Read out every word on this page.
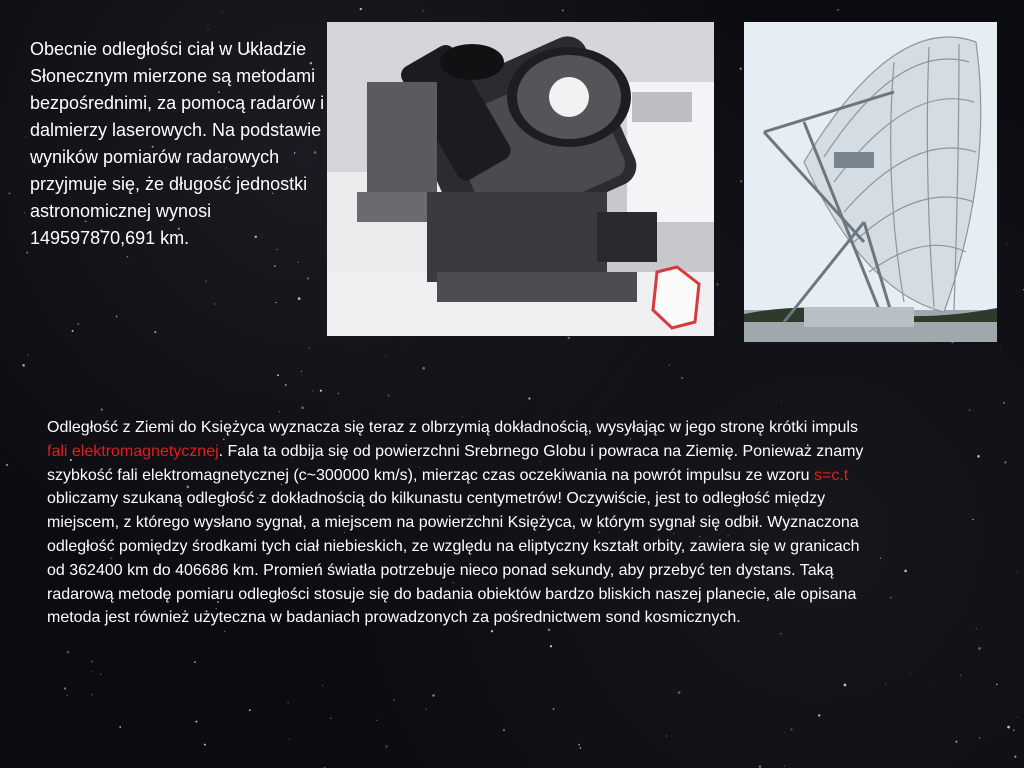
Obecnie odległości ciał w Układzie Słonecznym mierzone są metodami bezpośrednimi, za pomocą radarów i dalmierzy laserowych. Na podstawie wyników pomiarów radarowych przyjmuje się, że długość jednostki astronomicznej wynosi 149597870,691 km.
Odległość z Ziemi do Księżyca wyznacza się teraz z olbrzymią dokładnością, wysyłając w jego stronę krótki impuls fali elektromagnetycznej. Fala ta odbija się od powierzchni Srebrnego Globu i powraca na Ziemię. Ponieważ znamy szybkość fali elektromagnetycznej (c~300000 km/s), mierząc czas oczekiwania na powrót impulsu ze wzoru s=c.t obliczamy szukaną odległość z dokładnością do kilkunastu centymetrów! Oczywiście, jest to odległość między miejscem, z którego wysłano sygnał, a miejscem na powierzchni Księżyca, w którym sygnał się odbił. Wyznaczona odległość pomiędzy środkami tych ciał niebieskich, ze względu na eliptyczny kształt orbity, zawiera się w granicach od 362400 km do 406686 km. Promień światła potrzebuje nieco ponad sekundy, aby przebyć ten dystans. Taką radarową metodę pomiaru odległości stosuje się do badania obiektów bardzo bliskich naszej planecie, ale opisana metoda jest również użyteczna w badaniach prowadzonych za pośrednictwem sond kosmicznych.
